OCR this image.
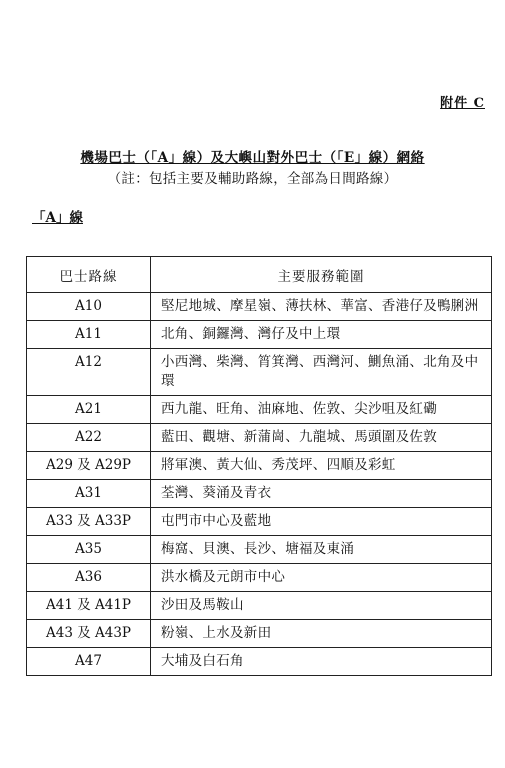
附件 C
機場巴士（「A」線）及大嶼山對外巴士（「E」線）網絡
（註：包括主要及輔助路線，全部為日間路線）
「A」線
巴士路線	主要服務範圍
A10	堅尼地城、摩星嶺、薄扶林、華富、香港仔及鴨脷洲
A11	北角、銅鑼灣、灣仔及中上環
A12	小西灣、柴灣、筲箕灣、西灣河、鰂魚涌、北角及中環
A21	西九龍、旺角、油麻地、佐敦、尖沙咀及紅磡
A22	藍田、觀塘、新蒲崗、九龍城、馬頭圍及佐敦
A29 及 A29P	將軍澳、黃大仙、秀茂坪、四順及彩虹
A31	荃灣、葵涌及青衣
A33 及 A33P	屯門市中心及藍地
A35	梅窩、貝澳、長沙、塘福及東涌
A36	洪水橋及元朗市中心
A41 及 A41P	沙田及馬鞍山
A43 及 A43P	粉嶺、上水及新田
A47	大埔及白石角
